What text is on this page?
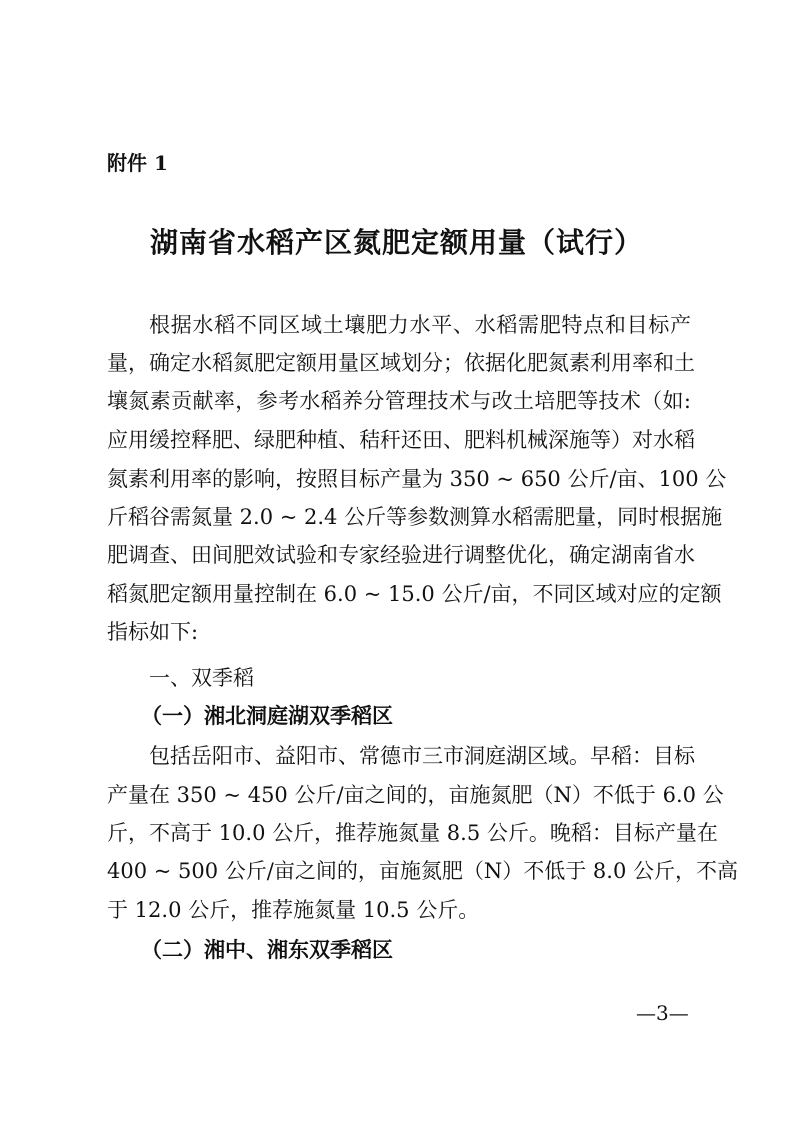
附件 1
湖南省水稻产区氮肥定额用量（试行）
根据水稻不同区域土壤肥力水平、水稻需肥特点和目标产
量，确定水稻氮肥定额用量区域划分；依据化肥氮素利用率和土
壤氮素贡献率，参考水稻养分管理技术与改土培肥等技术（如:
应用缓控释肥、绿肥种植、秸秆还田、肥料机械深施等）对水稻
氮素利用率的影响，按照目标产量为 350 ~ 650 公斤/亩、100 公
斤稻谷需氮量 2.0 ~ 2.4 公斤等参数测算水稻需肥量，同时根据施
肥调查、田间肥效试验和专家经验进行调整优化，确定湖南省水
稻氮肥定额用量控制在 6.0 ~ 15.0 公斤/亩，不同区域对应的定额
指标如下:
一、双季稻
（一）湘北洞庭湖双季稻区
包括岳阳市、益阳市、常德市三市洞庭湖区域。早稻：目标
产量在 350 ~ 450 公斤/亩之间的，亩施氮肥（N）不低于 6.0 公
斤，不高于 10.0 公斤，推荐施氮量 8.5 公斤。晚稻：目标产量在
400 ~ 500 公斤/亩之间的，亩施氮肥（N）不低于 8.0 公斤，不高
于 12.0 公斤，推荐施氮量 10.5 公斤。
（二）湘中、湘东双季稻区
—3—
